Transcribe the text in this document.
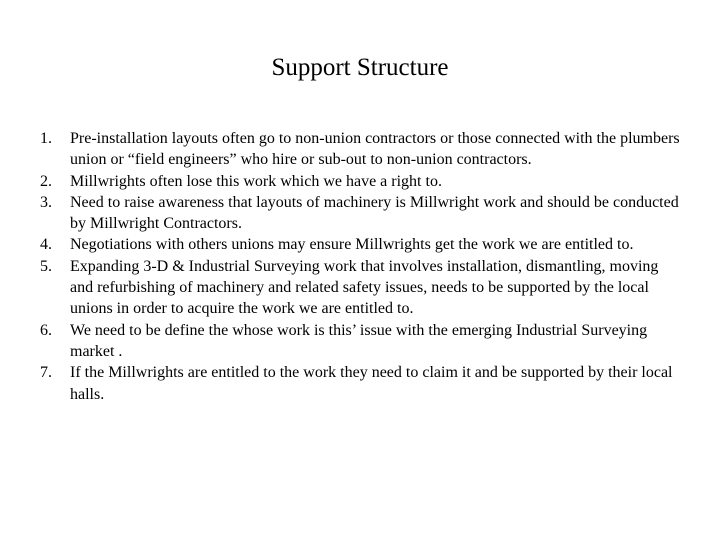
Support Structure
1.	Pre-installation layouts often go to non-union contractors or those connected with the plumbers union or “field engineers” who hire or sub-out to non-union contractors.
2.	Millwrights often lose this work which we have a right to.
3.	Need to raise awareness that layouts of machinery is Millwright work and should be conducted by Millwright Contractors.
4.	Negotiations with others unions may ensure Millwrights get the work we are entitled to.
5.	Expanding 3-D & Industrial Surveying work that involves installation, dismantling, moving and refurbishing of machinery and related safety issues, needs to be supported by the local unions in order to acquire the work we are entitled to.
6.	We need to be define the whose work is this’ issue with the emerging Industrial Surveying market .
7.	If the Millwrights are entitled to the work they need to claim it and be supported by their local halls.
